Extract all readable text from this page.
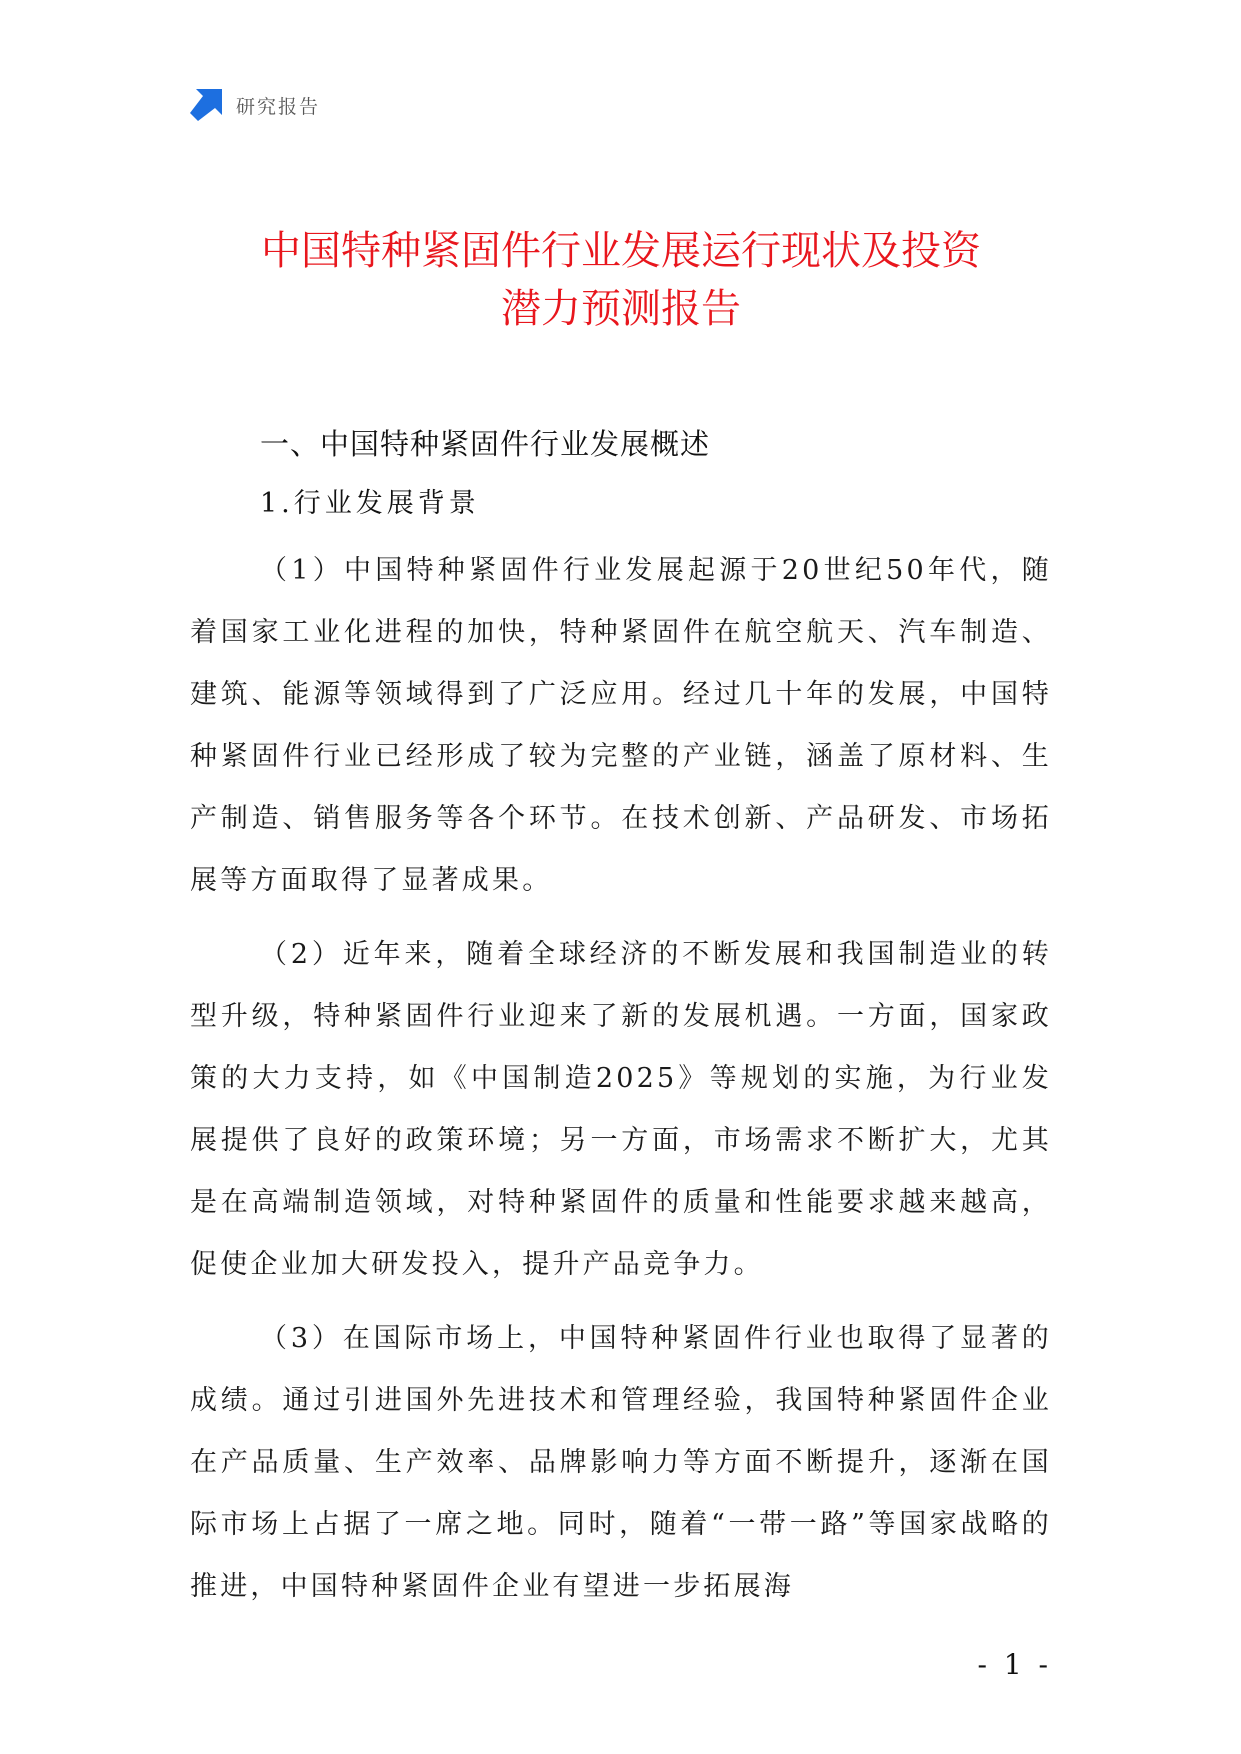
研究报告
中国特种紧固件行业发展运行现状及投资
潜力预测报告
一、中国特种紧固件行业发展概述
1.行业发展背景

（1）中国特种紧固件行业发展起源于20世纪50年代，随着国家工业化进程的加快，特种紧固件在航空航天、汽车制造、建筑、能源等领域得到了广泛应用。经过几十年的发展，中国特种紧固件行业已经形成了较为完整的产业链，涵盖了原材料、生产制造、销售服务等各个环节。在技术创新、产品研发、市场拓展等方面取得了显著成果。

（2）近年来，随着全球经济的不断发展和我国制造业的转型升级，特种紧固件行业迎来了新的发展机遇。一方面，国家政策的大力支持，如《中国制造2025》等规划的实施，为行业发展提供了良好的政策环境；另一方面，市场需求不断扩大，尤其是在高端制造领域，对特种紧固件的质量和性能要求越来越高，促使企业加大研发投入，提升产品竞争力。

（3）在国际市场上，中国特种紧固件行业也取得了显著的成绩。通过引进国外先进技术和管理经验，我国特种紧固件企业在产品质量、生产效率、品牌影响力等方面不断提升，逐渐在国际市场上占据了一席之地。同时，随着“一带一路”等国家战略的推进，中国特种紧固件企业有望进一步拓展海

- 1 -
